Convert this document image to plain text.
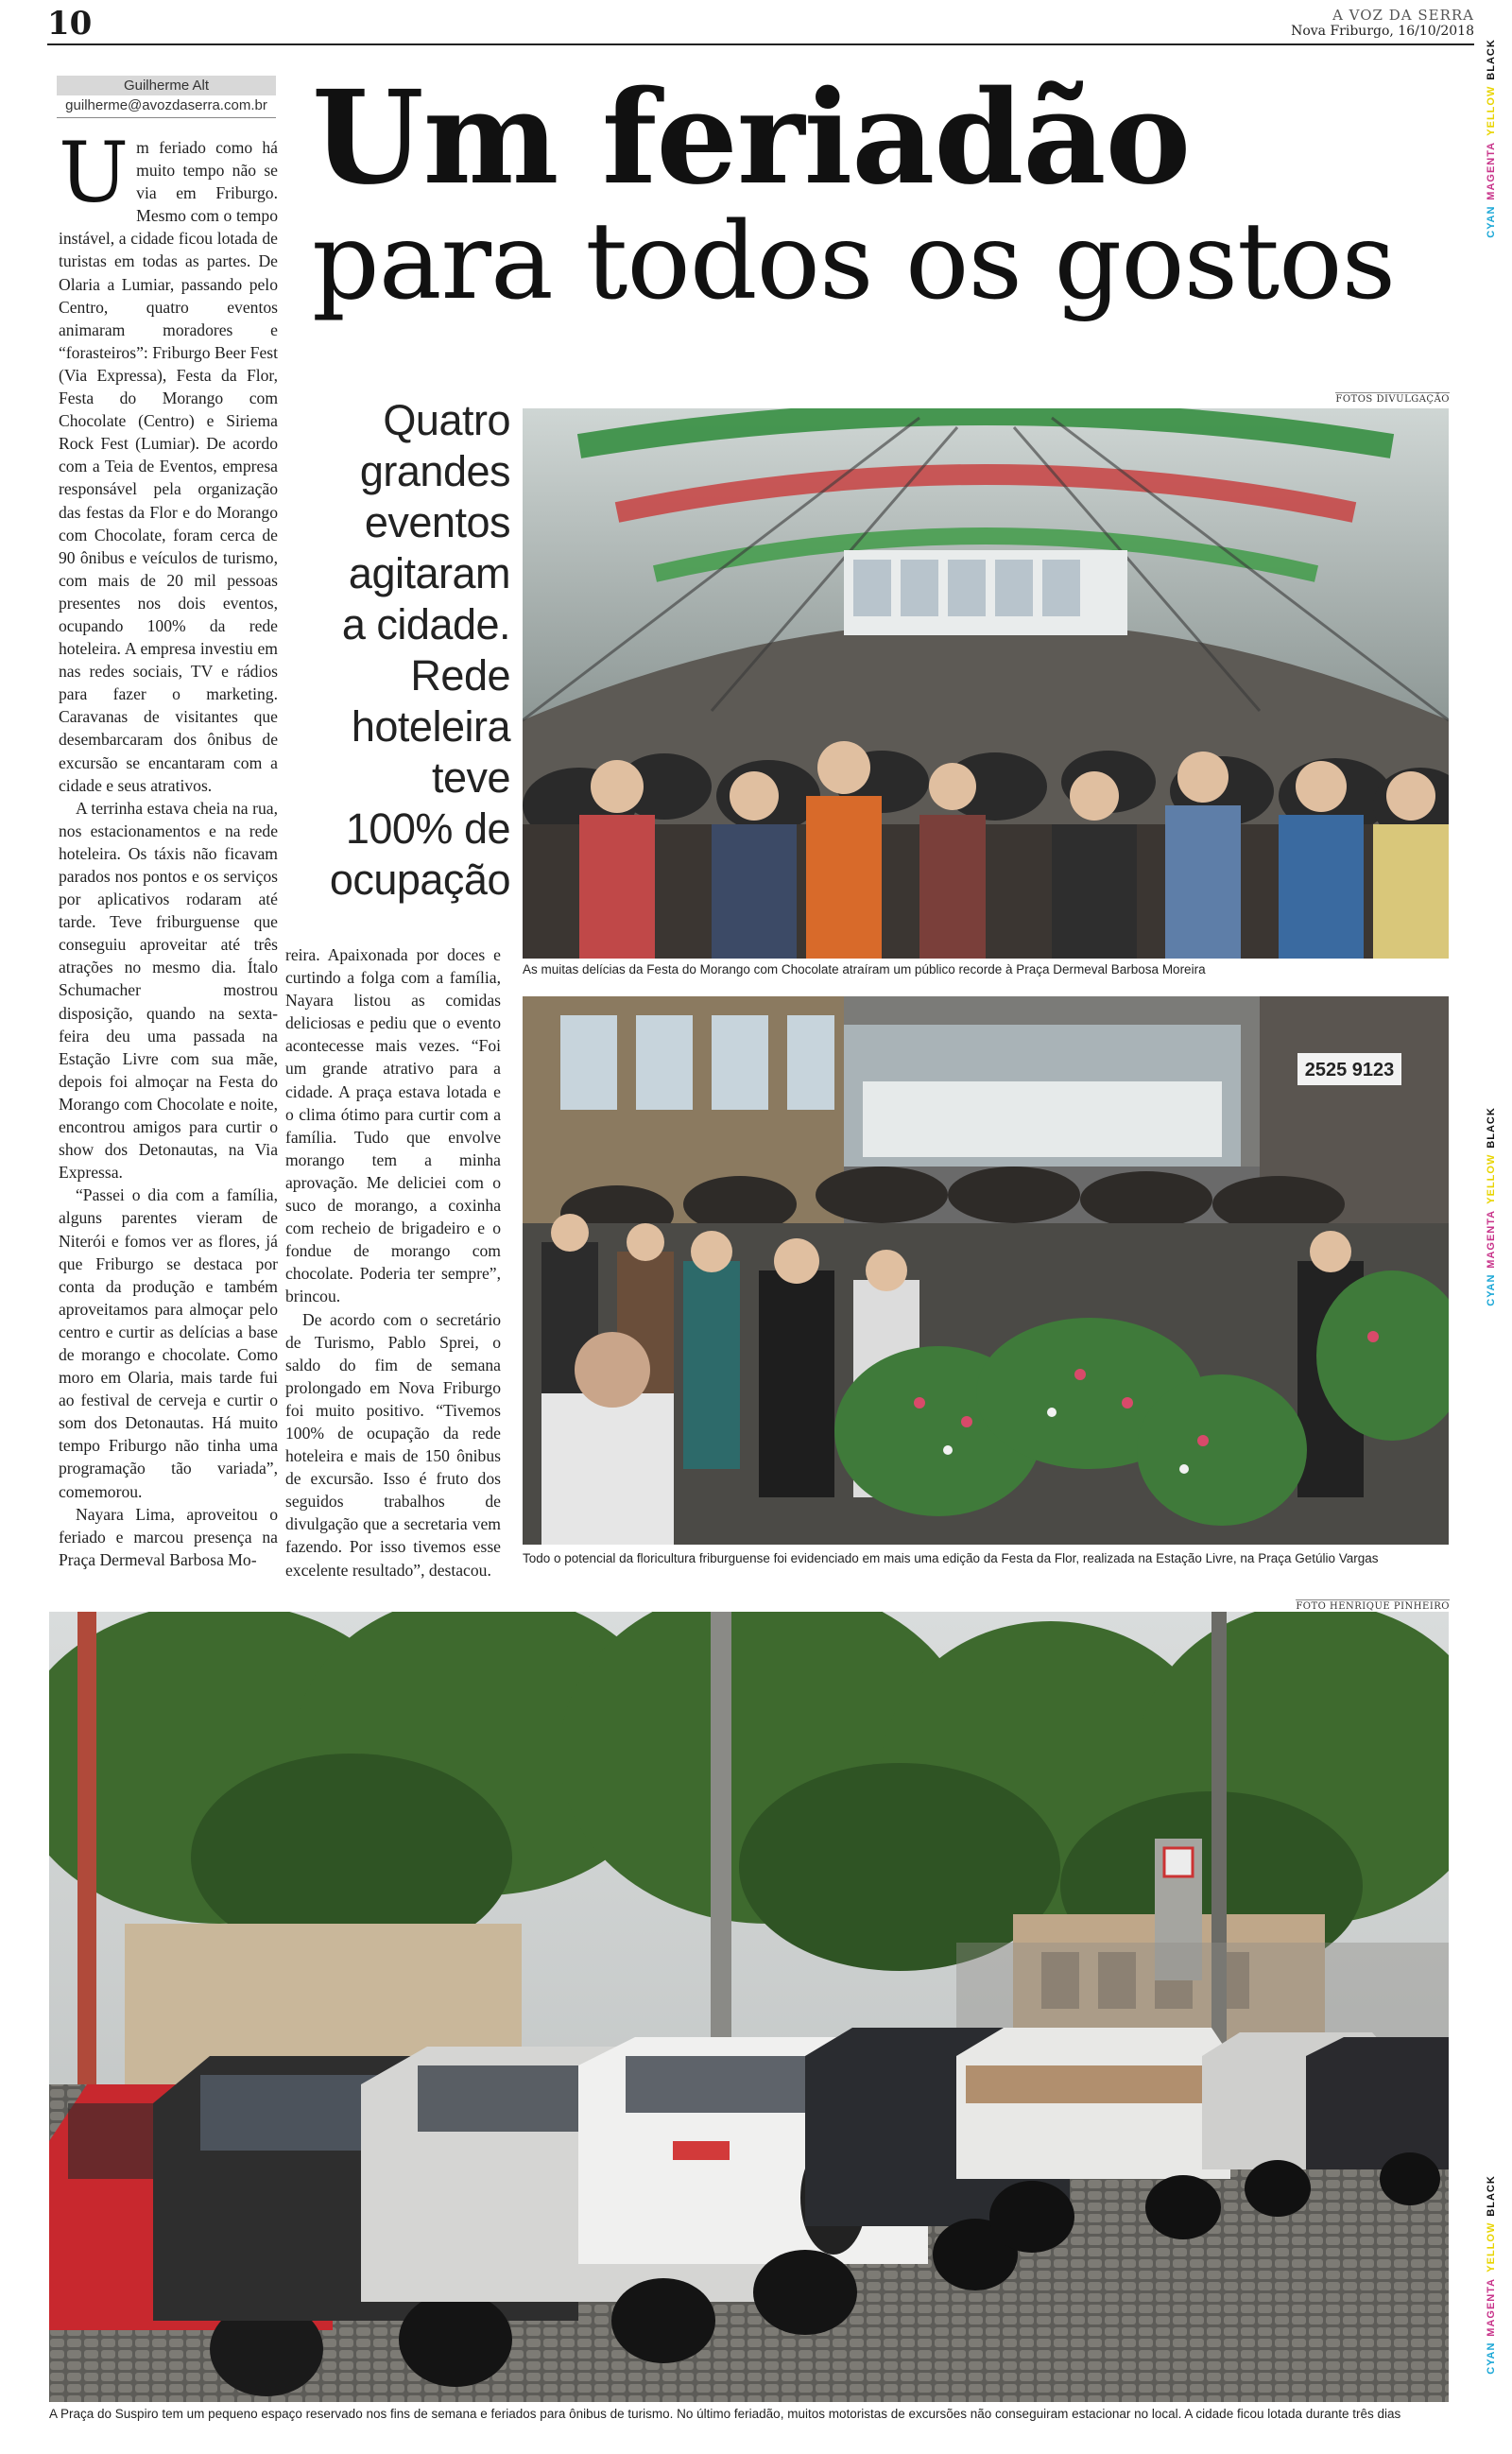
10	A VOZ DA SERRA
Nova Friburgo, 16/10/2018
CYAN MAGENTA YELLOW BLACK
CYAN MAGENTA YELLOW BLACK
CYAN MAGENTA YELLOW BLACK
Guilherme Alt
guilherme@avozdaserra.com.br Um feriadão
para todos os gostos
Quatro grandes eventos agitaram a cidade. Rede hoteleira teve 100% de ocupação

Um feriado como há muito tempo não se via em Friburgo. Mesmo com o tempo instável, a cidade ficou lotada de turistas em todas as partes. De Olaria a Lumiar, passando pelo Centro, quatro eventos animaram moradores e “forasteiros”: Friburgo Beer Fest (Via Expressa), Festa da Flor, Festa do Morango com Chocolate (Centro) e Siriema Rock Fest (Lumiar). De acordo com a Teia de Eventos, empresa responsável pela organização das festas da Flor e do Morango com Chocolate, foram cerca de 90 ônibus e veículos de turismo, com mais de 20 mil pessoas presentes nos dois eventos, ocupando 100% da rede hoteleira. A empresa investiu em nas redes sociais, TV e rádios para fazer o marketing. Caravanas de visitantes que desembarcaram dos ônibus de excursão se encantaram com a cidade e seus atrativos.

A terrinha estava cheia na rua, nos estacionamentos e na rede hoteleira. Os táxis não ficavam parados nos pontos e os serviços por aplicativos rodaram até tarde. Teve friburguense que conseguiu aproveitar até três atrações no mesmo dia. Ítalo Schumacher mostrou disposição, quando na sexta-feira deu uma passada na Estação Livre com sua mãe, depois foi almoçar na Festa do Morango com Chocolate e noite, encontrou amigos para curtir o show dos Detonautas, na Via Expressa.

“Passei o dia com a família, alguns parentes vieram de Niterói e fomos ver as flores, já que Friburgo se destaca por conta da produção e também aproveitamos para almoçar pelo centro e curtir as delícias a base de morango e chocolate. Como moro em Olaria, mais tarde fui ao festival de cerveja e curtir o som dos Detonautas. Há muito tempo Friburgo não tinha uma programação tão variada”, comemorou.

Nayara Lima, aproveitou o feriado e marcou presença na Praça Dermeval Barbosa Mo-

reira. Apaixonada por doces e curtindo a folga com a família, Nayara listou as comidas deliciosas e pediu que o evento acontecesse mais vezes. “Foi um grande atrativo para a cidade. A praça estava lotada e o clima ótimo para curtir com a família. Tudo que envolve morango tem a minha aprovação. Me deliciei com o suco de morango, a coxinha com recheio de brigadeiro e o fondue de morango com chocolate. Poderia ter sempre”, brincou.

De acordo com o secretário de Turismo, Pablo Sprei, o saldo do fim de semana prolongado em Nova Friburgo foi muito positivo. “Tivemos 100% de ocupação da rede hoteleira e mais de 150 ônibus de excursão. Isso é fruto dos seguidos trabalhos de divulgação que a secretaria vem fazendo. Por isso tivemos esse excelente resultado”, destacou.

FOTOS DIVULGAÇÃO
FOTO HENRIQUE PINHEIRO
As muitas delícias da Festa do Morango com Chocolate atraíram um público recorde à Praça Dermeval Barbosa Moreira
2525 9123
Todo o potencial da floricultura friburguense foi evidenciado em mais uma edição da Festa da Flor, realizada na Estação Livre, na Praça Getúlio Vargas
A Praça do Suspiro tem um pequeno espaço reservado nos fins de semana e feriados para ônibus de turismo. No último feriadão, muitos motoristas de excursões não conseguiram estacionar no local. A cidade ficou lotada durante três dias
